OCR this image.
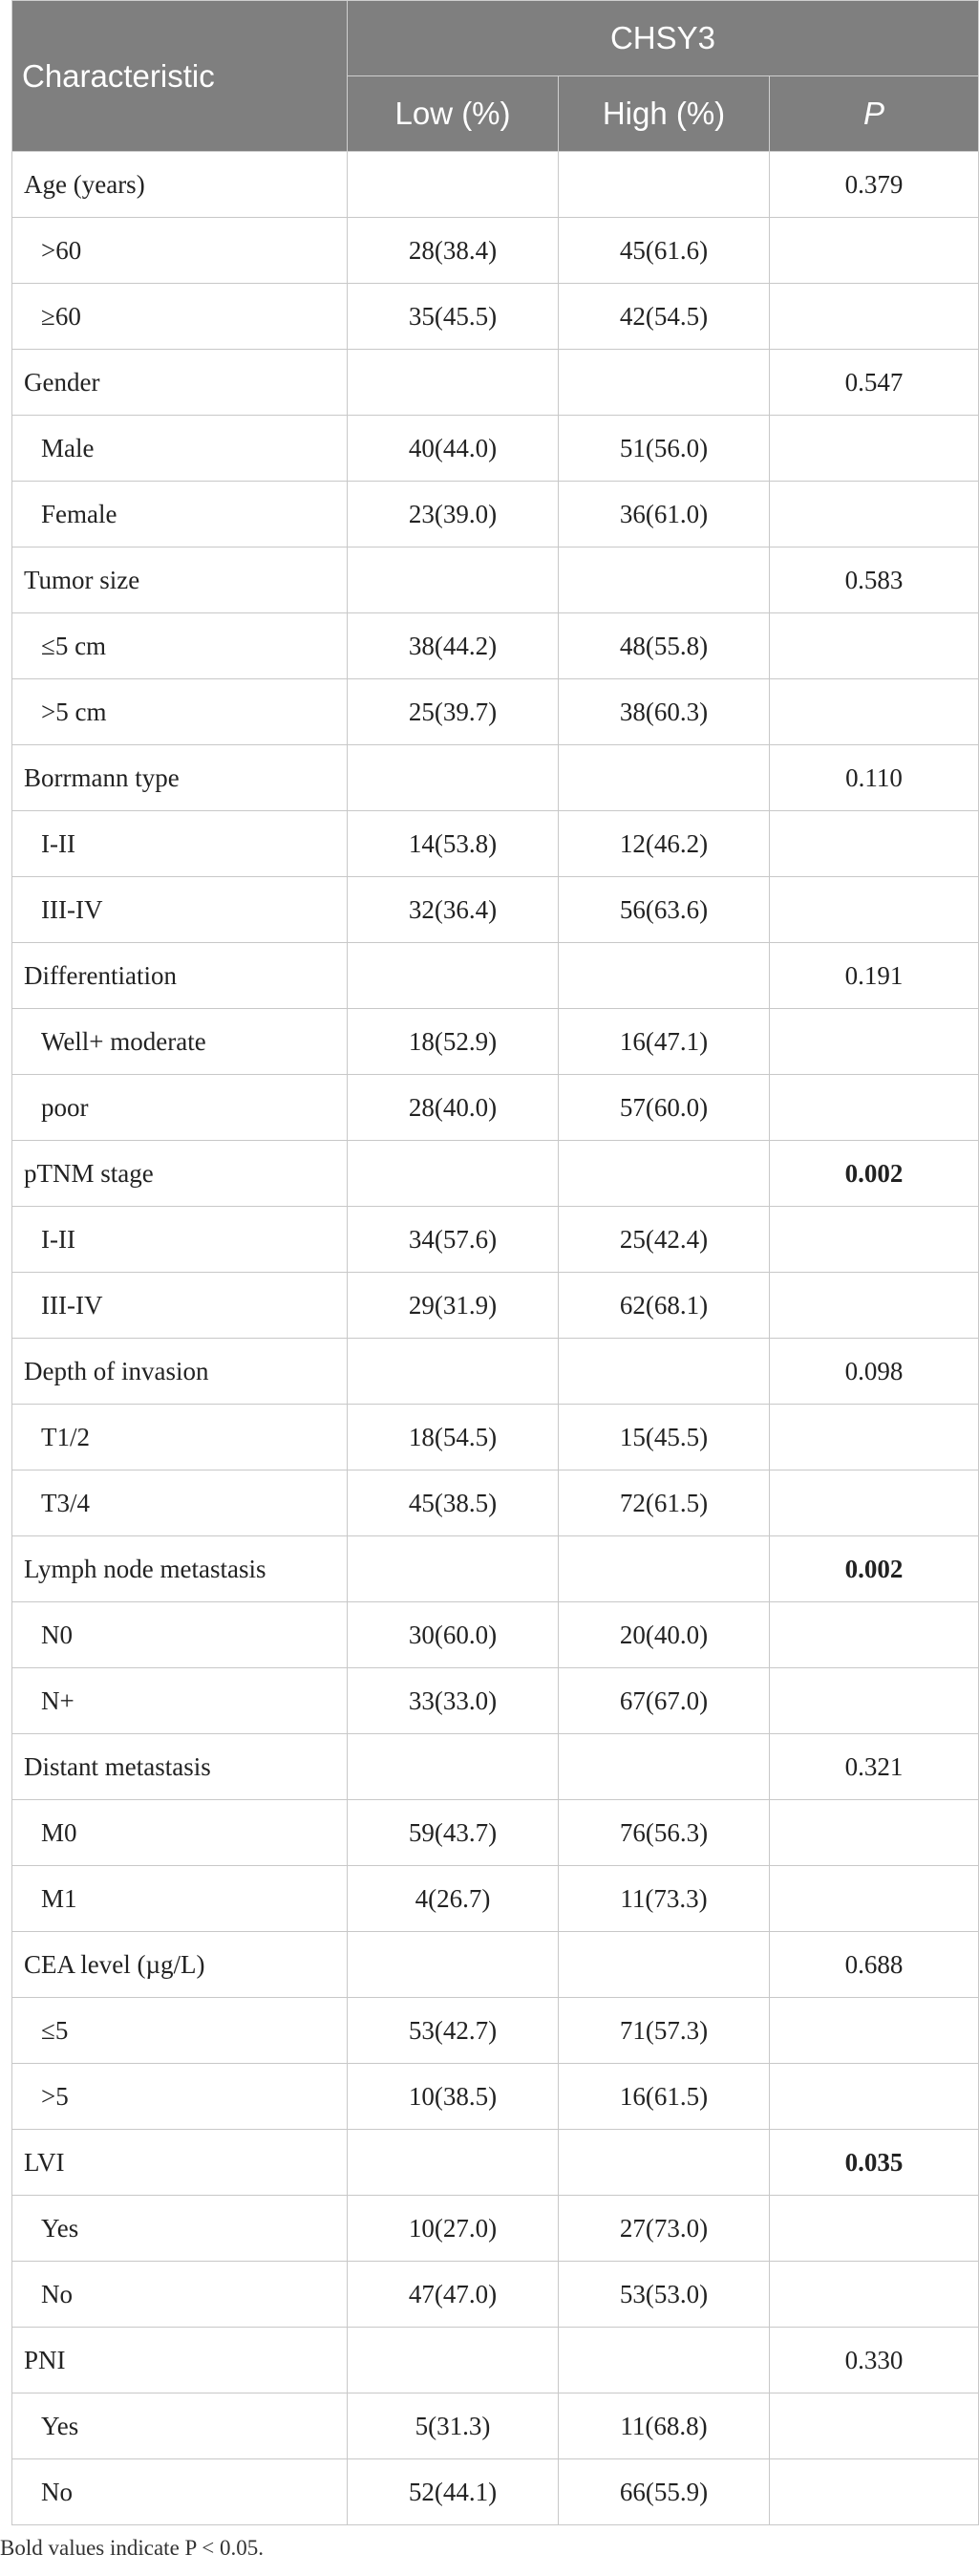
Characteristic	CHSY3		
	Low (%)	High (%)	P
Age (years)			0.379
>60	28(38.4)	45(61.6)	
≥60	35(45.5)	42(54.5)	
Gender			0.547
Male	40(44.0)	51(56.0)	
Female	23(39.0)	36(61.0)	
Tumor size			0.583
≤5 cm	38(44.2)	48(55.8)	
>5 cm	25(39.7)	38(60.3)	
Borrmann type			0.110
I-II	14(53.8)	12(46.2)	
III-IV	32(36.4)	56(63.6)	
Differentiation			0.191
Well+ moderate	18(52.9)	16(47.1)	
poor	28(40.0)	57(60.0)	
pTNM stage			0.002
I-II	34(57.6)	25(42.4)	
III-IV	29(31.9)	62(68.1)	
Depth of invasion			0.098
T1/2	18(54.5)	15(45.5)	
T3/4	45(38.5)	72(61.5)	
Lymph node metastasis			0.002
N0	30(60.0)	20(40.0)	
N+	33(33.0)	67(67.0)	
Distant metastasis			0.321
M0	59(43.7)	76(56.3)	
M1	4(26.7)	11(73.3)	
CEA level (µg/L)			0.688
≤5	53(42.7)	71(57.3)	
>5	10(38.5)	16(61.5)	
LVI			0.035
Yes	10(27.0)	27(73.0)	
No	47(47.0)	53(53.0)	
PNI			0.330
Yes	5(31.3)	11(68.8)	
No	52(44.1)	66(55.9)	
Bold values indicate P < 0.05.
